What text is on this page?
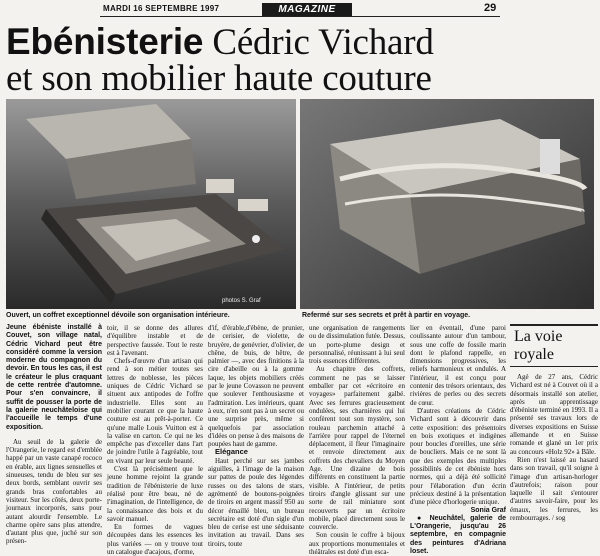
MARDI 16 SEPTEMBRE 1997	MAGAZINE	29
Ebénisterie Cédric Vichard
et son mobilier haute couture
photos S. Graf
Ouvert, un coffret exceptionnel dévoile son organisation intérieure.	Refermé sur ses secrets et prêt à partir en voyage.

Jeune ébéniste installé à Couvet, son village natal, Cédric Vichard peut être considéré comme la version moderne du compagnon du devoir. En tous les cas, il est le créateur le plus craquant de cette rentrée d'automne. Pour s'en convaincre, il suffit de pousser la porte de la galerie neuchâteloise qui l'accueille le temps d'une exposition.

Au seuil de la galerie de l'Orangerie, le regard est d'emblée happé par un vaste canapé rococo en érable, aux lignes sensuelles et sinueuses, tendu de bleu sur ses deux bords, semblant ouvrir ses grands bras confortables au visiteur. Sur les côtés, deux porte-journaux incorporés, sans pour autant alourdir l'ensemble. Le charme opère sans plus attendre, d'autant plus que, juché sur son présen-

toir, il se donne des allures d'équilibre instable et de perspective faussée. Tout le reste est à l'avenant.

Chefs-d'œuvre d'un artisan qui rend à son métier toutes ses lettres de noblesse, les pièces uniques de Cédric Vichard se situent aux antipodes de l'offre industrielle. Elles sont au mobilier courant ce que la haute couture est au prêt-à-porter. Ce qu'une malle Louis Vuitton est à la valise en carton. Ce qui ne les empêche pas d'exceller dans l'art de joindre l'utile à l'agréable, tout en vivant par leur seule beauté.

C'est là précisément que le jeune homme rejoint la grande tradition de l'ébénisterie de luxe réalisé pour être beau, né de l'imagination, de l'intelligence, de la connaissance des bois et du savoir manuel.

En formes de vagues découpées dans les essences les plus variées — on y trouve tout un catalogue d'acajous, d'orme,

d'if, d'érable,d'ébène, de prunier, de cerisier, de violette, de bruyère, de genévrier, d'olivier, de chêne, de buis, de hêtre, de palmier —, avec des finitions à la cire d'abeille ou à la gomme laque, les objets mobiliers créés par le jeune Covasson ne peuvent que soulever l'enthousiasme et l'admiration. Les intérieurs, quant à eux, n'en sont pas à un secret ou une surprise près, même si quelquefois par association d'idées on pense à des maisons de poupées haut de gamme.

Elégance

Haut perché sur ses jambes aiguilles, à l'image de la maison sur pattes de poule des légendes russes ou des talons de stars, agrémenté de boutons-poignées de tiroirs en argent massif 950 au décor émaillé bleu, un bureau secrétaire est doté d'un sigle d'un bleu de cerise est une séduisante invitation au travail. Dans ses tiroirs, toute

une organisation de rangements ou de dissimulation futée. Dessus, un porte-plume design et personnalisé, réunissant à lui seul trois essences différentes.

Au chapitre des coffrets, comment ne pas se laisser emballer par cet «écritoire en voyages» parfaitement galbé. Avec ses ferrures gracieusement ondulées, ses charnières qui lui confèrent tout son mystère, son rouleau parchemin attaché à l'arrière pour rappel de l'éternel déplacement, il fleur l'imaginaire et renvoie directement aux coffrets des chevaliers du Moyen Age. Une dizaine de bois différents en constituent la partie visible. A l'intérieur, de petits tiroirs d'angle glissant sur une sorte de rail miniature sont recouverts par un écritoire mobile, placé directement sous le couvercle.

Son cousin le coffre à bijoux aux proportions monumentales et théâtrales est doté d'un esca-

lier en éventail, d'une paroi coulissante autour d'un tambour, sous une coffe de fossile marin dont le plafond rappelle, en dimensions progressives, les reliefs harmonieux et ondulés. A l'intérieur, il est conçu pour contenir des trésors orientaux, des rivières de perles ou des secrets de cœur.

D'autres créations de Cédric Vichard sont à découvrir dans cette exposition: des présentoirs en bois exotiques et indigènes pour boucles d'oreilles, une série de boucliers. Mais ce ne sont là que des exemples des multiples possibilités de cet ébéniste hors normes, qui a déjà été sollicité pour l'élaboration d'un écrin précieux destiné à la présentation d'une pièce d'horlogerie unique.

Sonia Graf

● Neuchâtel, galerie de L'Orangerie, jusqu'au 26 septembre, en compagnie des peintures d'Adriana loset.

La voie royale

Agé de 27 ans, Cédric Vichard est né à Couvet où il a désormais installé son atelier, après un apprentissage d'ébéniste terminé en 1993. Il a présenté ses travaux lors de diverses expositions en Suisse allemande et en Suisse romande et glané un 1er prix au concours «Holz 92» à Bâle.

Rien n'est laissé au hasard dans son travail, qu'il soigne à l'image d'un artisan-horloger d'autrefois; raison pour laquelle il sait s'entourer d'autres savoir-faire, pour les émaux, les ferrures, les rembourrages. / sog
